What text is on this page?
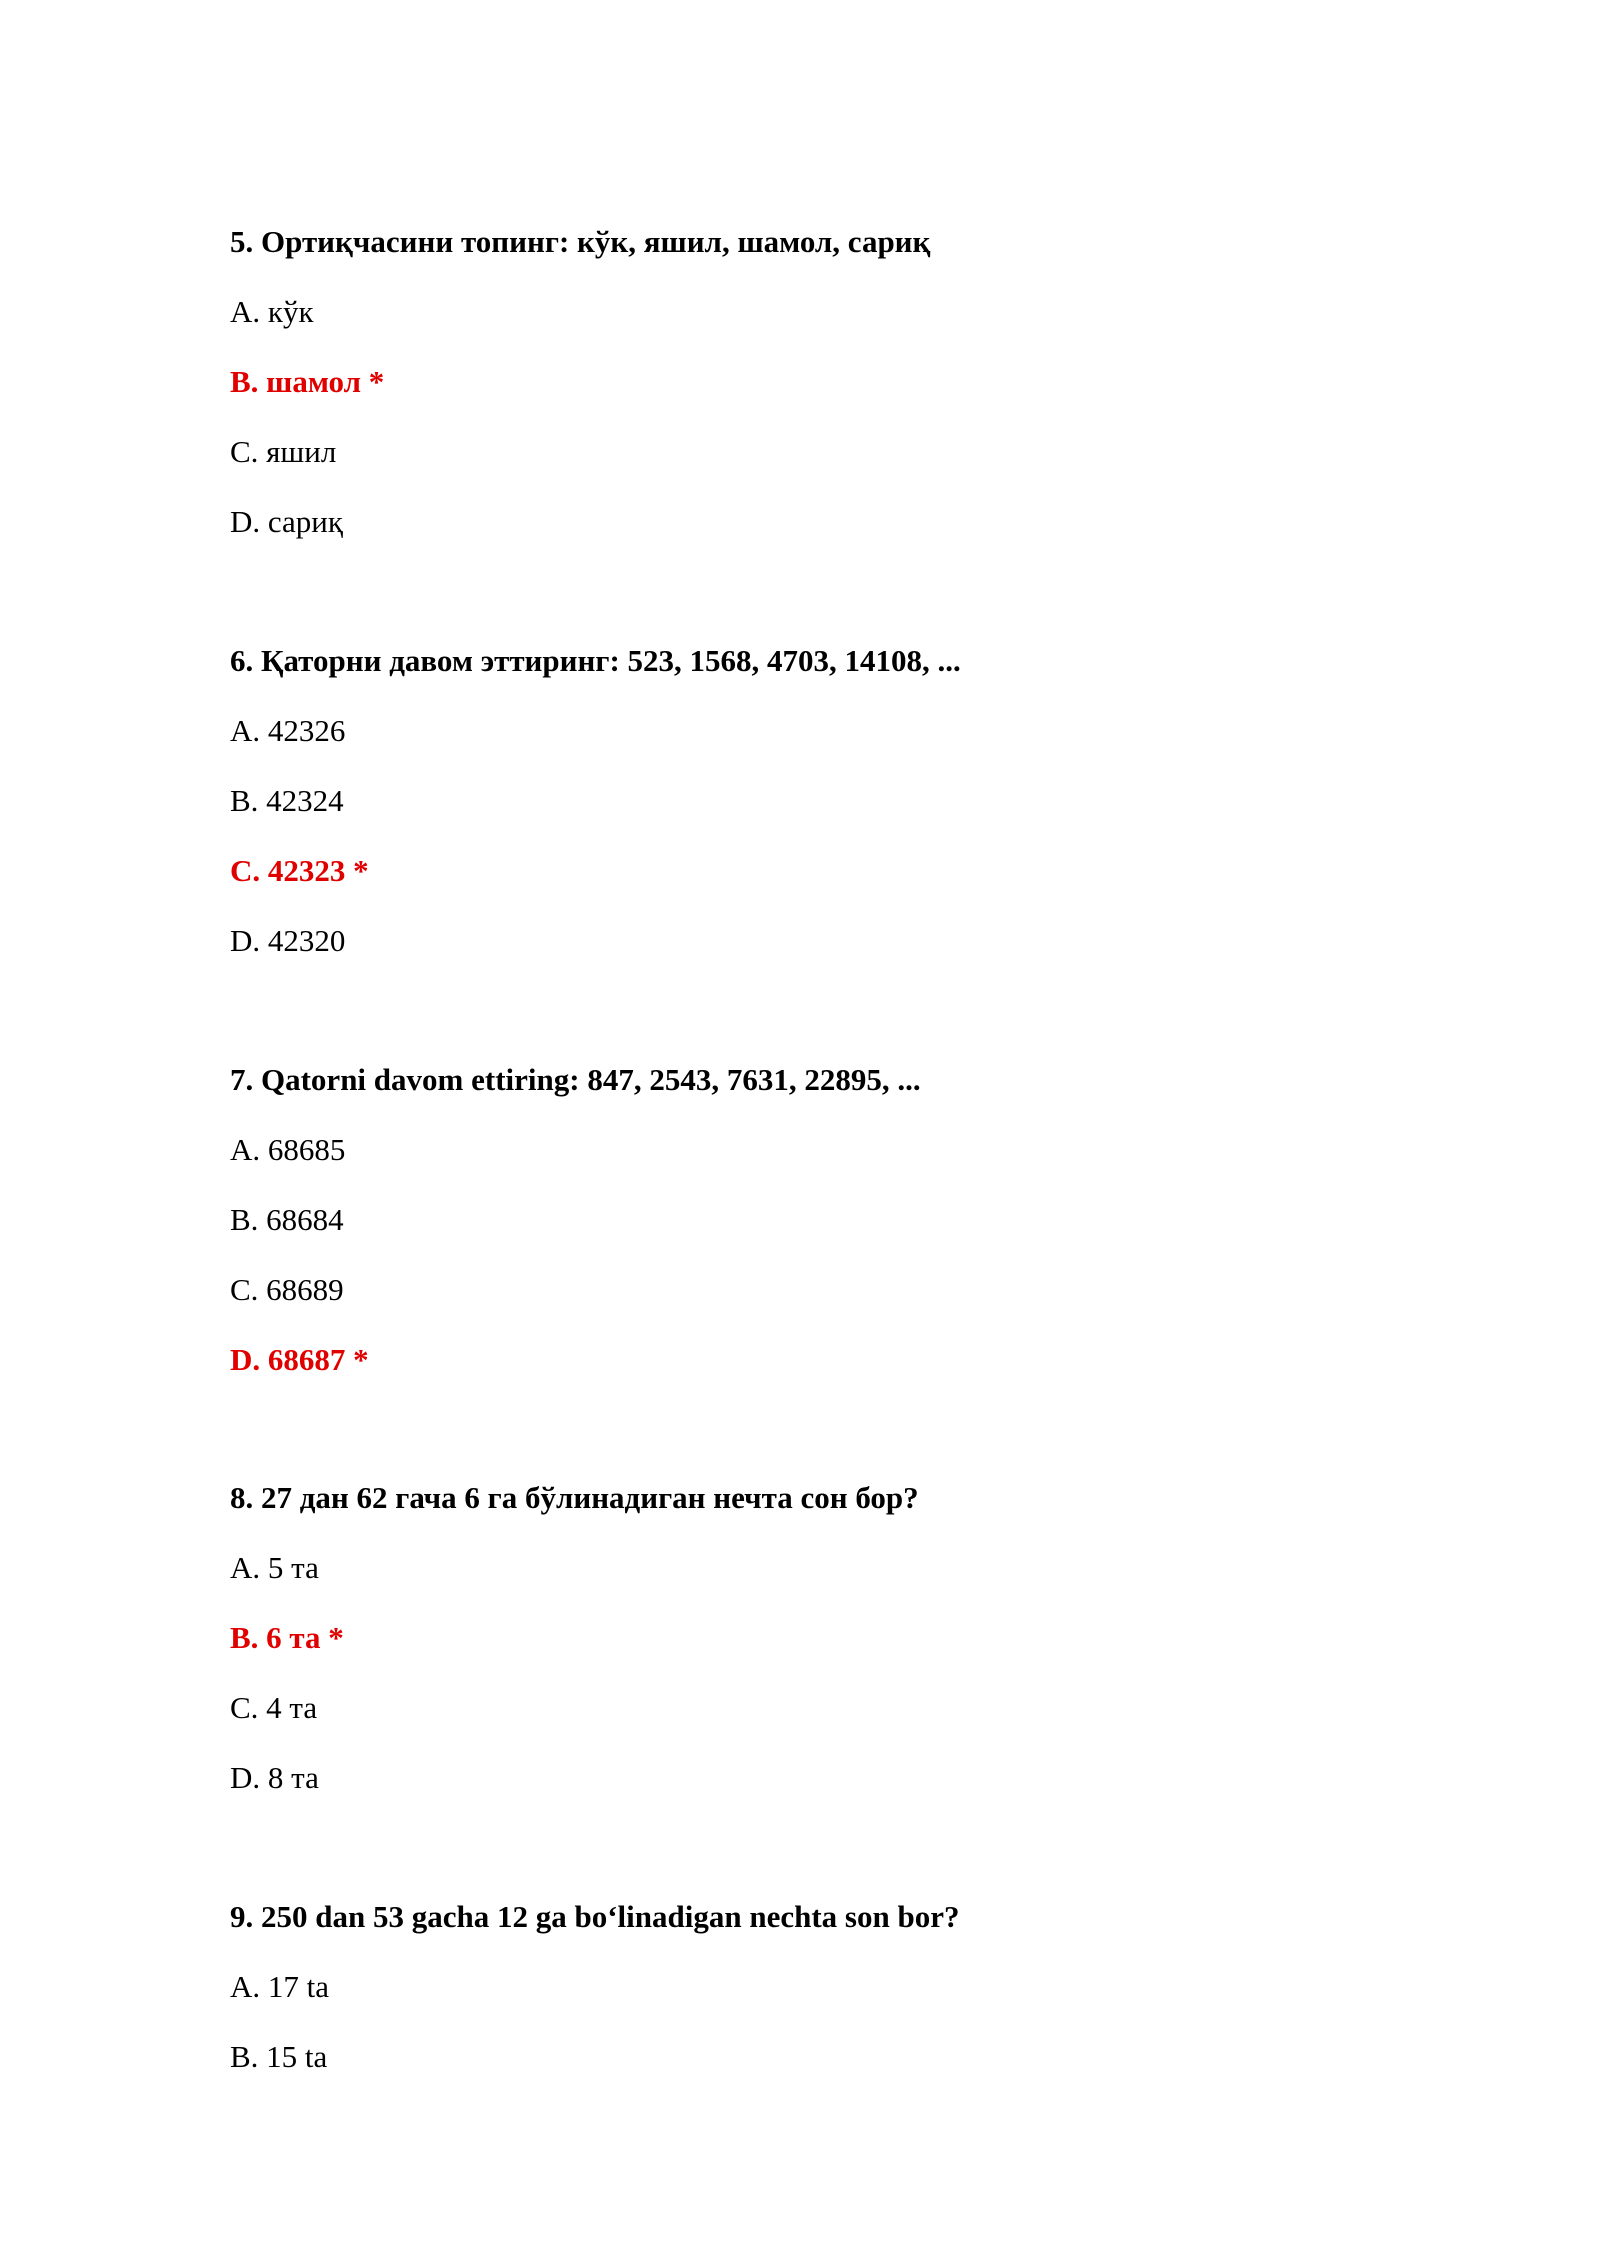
5. Ортиқчасини топинг: кўк, яшил, шамол, сариқ
A. кўк
B. шамол *
C. яшил
D. сариқ
6. Қаторни давом эттиринг: 523, 1568, 4703, 14108, ...
A. 42326
B. 42324
C. 42323 *
D. 42320
7. Qatorni davom ettiring: 847, 2543, 7631, 22895, ...
A. 68685
B. 68684
C. 68689
D. 68687 *
8. 27 дан 62 гача 6 га бўлинадиган нечта сон бор?
A. 5 та
B. 6 та *
C. 4 та
D. 8 та
9. 250 dan 53 gacha 12 ga bo‘linadigan nechta son bor?
A. 17 ta
B. 15 ta
